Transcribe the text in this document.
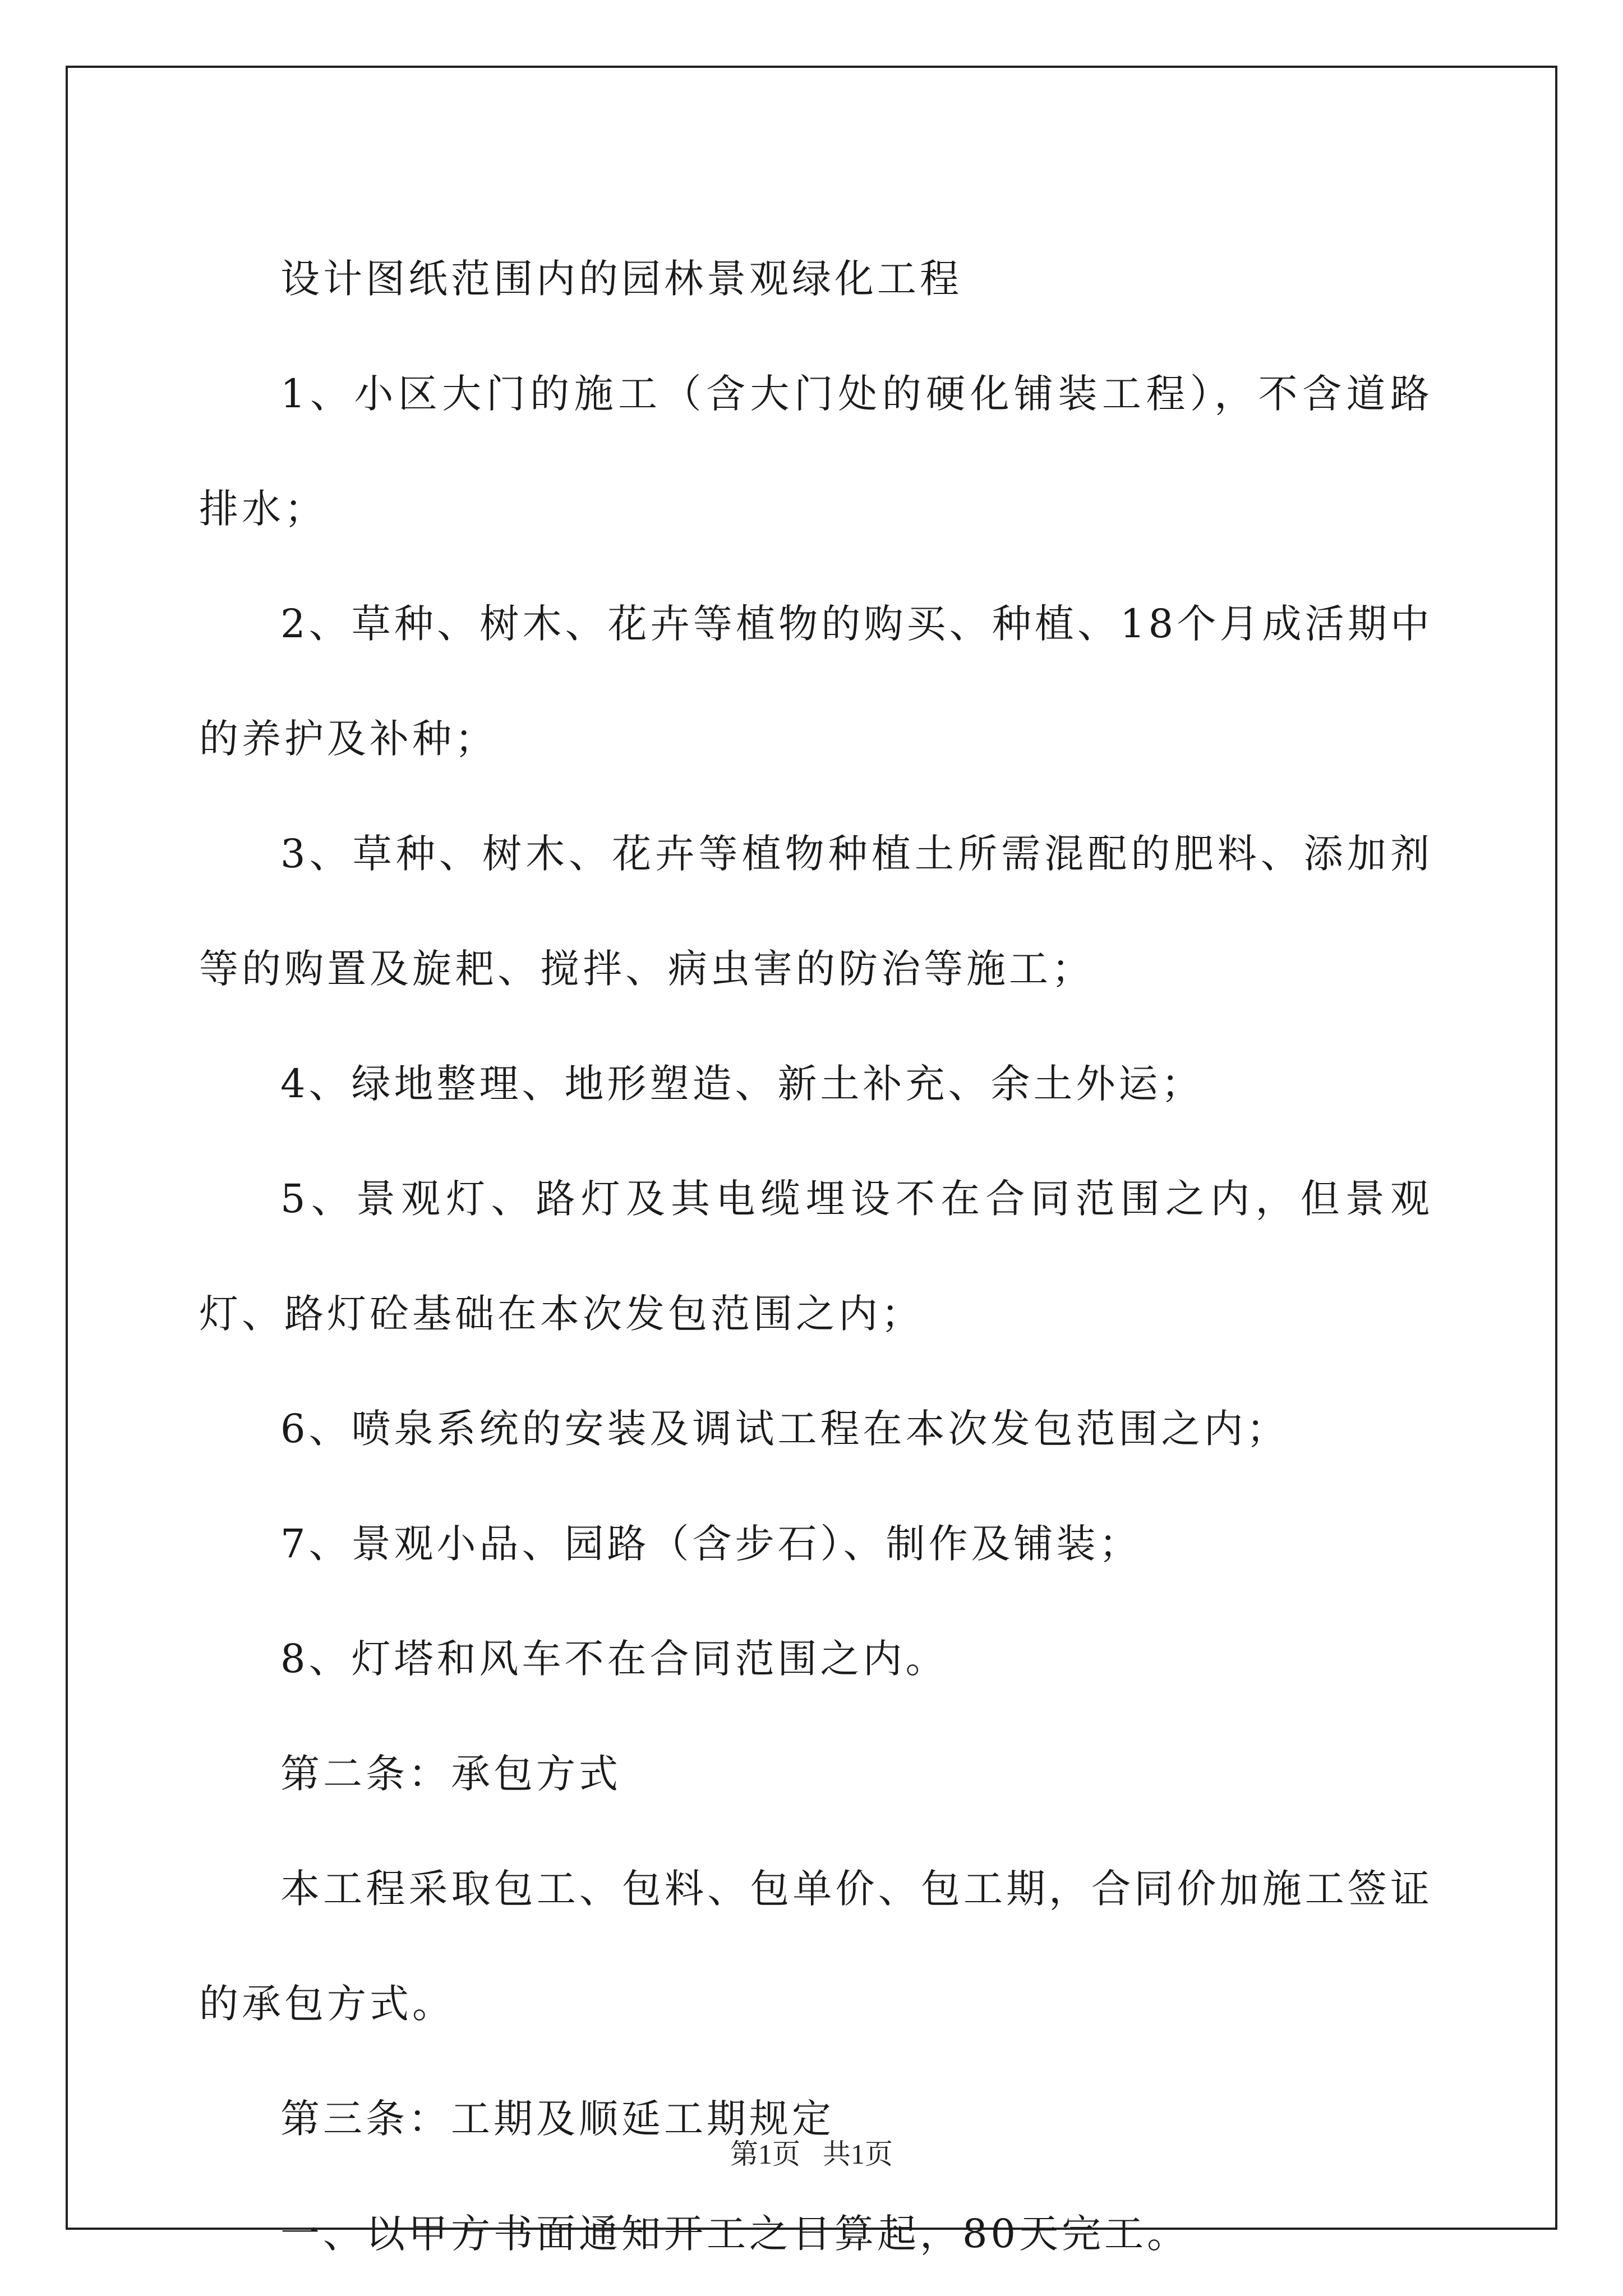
设计图纸范围内的园林景观绿化工程

1、小区大门的施工（含大门处的硬化铺装工程），不含道路排水；

2、草种、树木、花卉等植物的购买、种植、18个月成活期中的养护及补种；

3、草种、树木、花卉等植物种植土所需混配的肥料、添加剂等的购置及旋耙、搅拌、病虫害的防治等施工；

4、绿地整理、地形塑造、新土补充、余土外运；

5、景观灯、路灯及其电缆埋设不在合同范围之内，但景观灯、路灯砼基础在本次发包范围之内；

6、喷泉系统的安装及调试工程在本次发包范围之内；

7、景观小品、园路（含步石）、制作及铺装；

8、灯塔和风车不在合同范围之内。

第二条：承包方式

本工程采取包工、包料、包单价、包工期，合同价加施工签证的承包方式。

第三条：工期及顺延工期规定

一、以甲方书面通知开工之日算起，80天完工。

第1页 共1页
